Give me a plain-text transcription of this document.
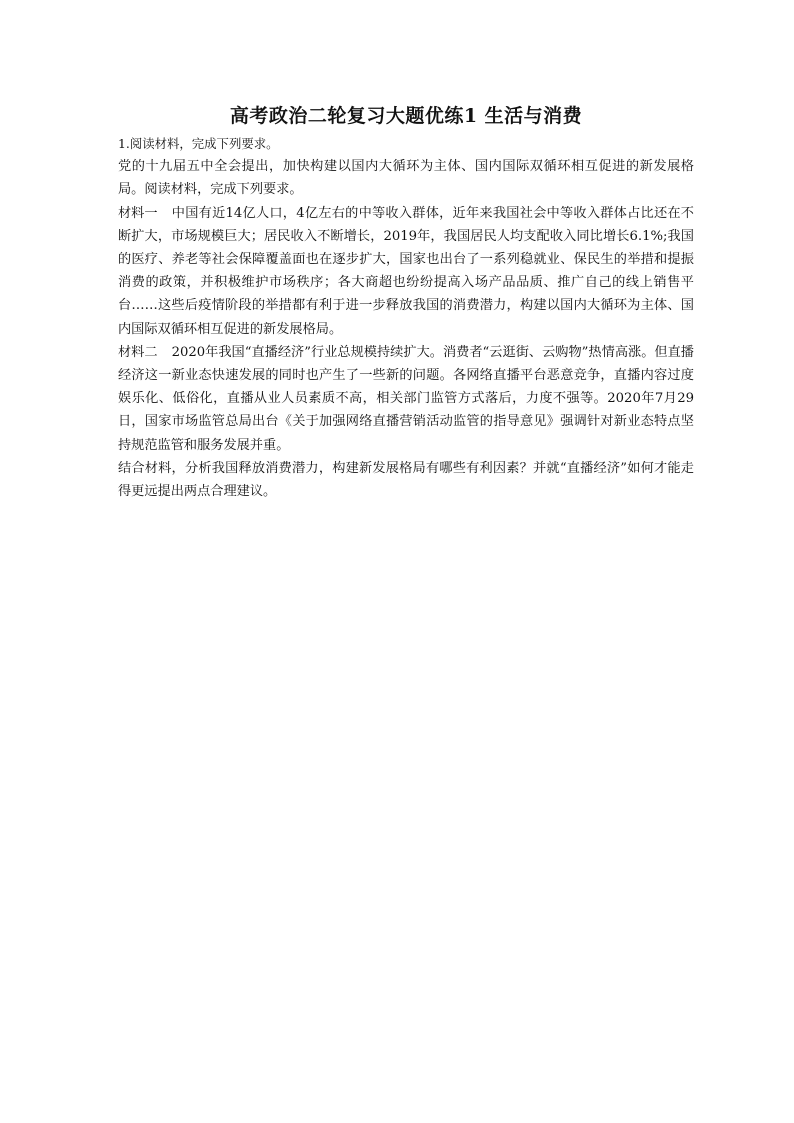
高考政治二轮复习大题优练1 生活与消费

1.阅读材料，完成下列要求。

党的十九届五中全会提出，加快构建以国内大循环为主体、国内国际双循环相互促进的新发展格局。阅读材料，完成下列要求。

材料一 中国有近14亿人口，4亿左右的中等收入群体，近年来我国社会中等收入群体占比还在不断扩大，市场规模巨大；居民收入不断增长，2019年，我国居民人均支配收入同比增长6.1%;我国的医疗、养老等社会保障覆盖面也在逐步扩大，国家也出台了一系列稳就业、保民生的举措和提振消费的政策，并积极维护市场秩序；各大商超也纷纷提高入场产品品质、推广自己的线上销售平台……这些后疫情阶段的举措都有利于进一步释放我国的消费潜力，构建以国内大循环为主体、国内国际双循环相互促进的新发展格局。

材料二 2020年我国“直播经济”行业总规模持续扩大。消费者“云逛街、云购物”热情高涨。但直播经济这一新业态快速发展的同时也产生了一些新的问题。各网络直播平台恶意竞争，直播内容过度娱乐化、低俗化，直播从业人员素质不高，相关部门监管方式落后，力度不强等。2020年7月29日，国家市场监管总局出台《关于加强网络直播营销活动监管的指导意见》强调针对新业态特点坚持规范监管和服务发展并重。

结合材料，分析我国释放消费潜力，构建新发展格局有哪些有利因素？并就“直播经济”如何才能走得更远提出两点合理建议。
